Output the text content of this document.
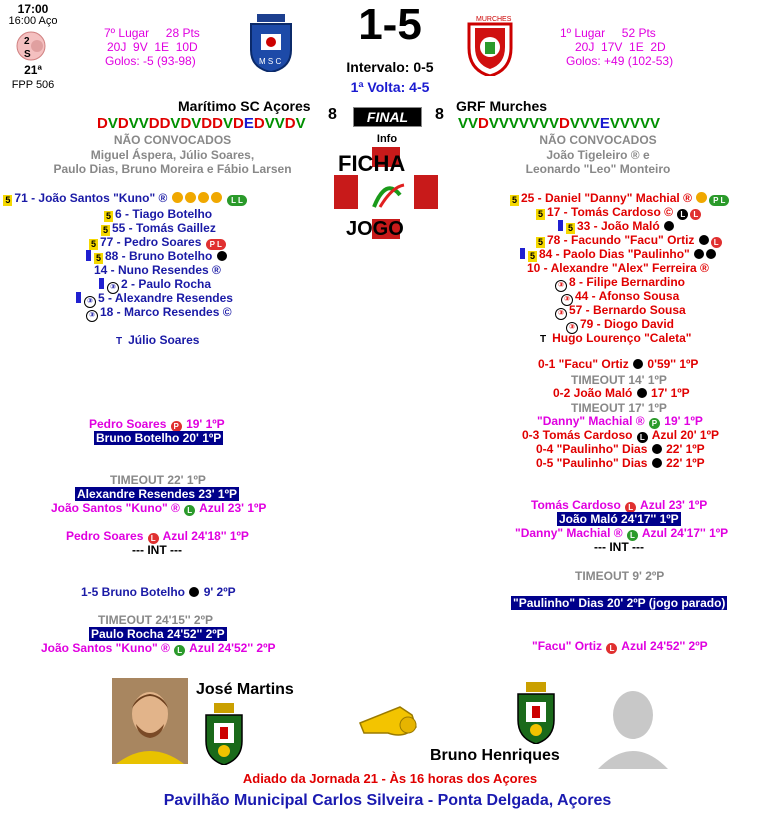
17:00
16:00 Aço
2
S
21ª
FPP 506
7º Lugar 28 Pts
20J  9V  1E  10D
Golos: -5 (93-98)	M S C
1-5
Intervalo: 0-5
1ª Volta: 4-5
MURCHES
1º Lugar 52 Pts
20J  17V  1E  2D
Golos: +49 (102-53)
Marítimo SC Açores	GRF Murches
DVDVVDDVDVDDVDEDVVDV
8	FINAL	8
VVDVVVVVVVDVVVEVVVVV
NÃO CONVOCADOS
Miguel Áspera, Júlio Soares,
Paulo Dias, Bruno Moreira e Fábio Larsen
NÃO CONVOCADOS
João Tigeleiro ® e
Leonardo "Leo" Monteiro
Info
FICHA
JOGO
5 71 - João Santos "Kuno" ®	L L
5 6 - Tiago Botelho
5 55 - Tomás Gaillez
5 77 - Pedro Soares P L
5 88 - Bruno Botelho
14 - Nuno Resendes ®
③ 2 - Paulo Rocha
③ 5 - Alexandre Resendes
③ 18 - Marco Resendes ©
T Júlio Soares
5 25 - Daniel "Danny" Machial ®	P L
5 17 - Tomás Cardoso © L L
5 33 - João Maló
5 78 - Facundo "Facu" Ortiz L
5 84 - Paolo Dias "Paulinho"
10 - Alexandre "Alex" Ferreira ®
③ 8 - Filipe Bernardino
③ 44 - Afonso Sousa
③ 57 - Bernardo Sousa
③ 79 - Diogo David
T Hugo Lourenço "Caleta"
Pedro Soares P 19' 1ºP
Bruno Botelho 20' 1ºP
TIMEOUT 22' 1ºP
Alexandre Resendes 23' 1ºP
João Santos "Kuno" ® L Azul 23' 1ºP
Pedro Soares L Azul 24'18'' 1ºP
--- INT ---
1-5 Bruno Botelho 9' 2ºP
TIMEOUT 24'15'' 2ºP
Paulo Rocha 24'52'' 2ºP
João Santos "Kuno" ® L Azul 24'52'' 2ºP
0-1 "Facu" Ortiz 0'59'' 1ºP
TIMEOUT 14' 1ºP
0-2 João Maló 17' 1ºP
TIMEOUT 17' 1ºP
"Danny" Machial ® P 19' 1ºP
0-3 Tomás Cardoso L Azul 20' 1ºP
0-4 "Paulinho" Dias 22' 1ºP
0-5 "Paulinho" Dias 22' 1ºP
Tomás Cardoso L Azul 23' 1ºP
João Maló 24'17'' 1ºP
"Danny" Machial ® L Azul 24'17'' 1ºP
--- INT ---
TIMEOUT 9' 2ºP
"Paulinho" Dias 20' 2ºP (jogo parado)
"Facu" Ortiz L Azul 24'52'' 2ºP
José Martins
Bruno Henriques
Adiado da Jornada 21 - Às 16 horas dos Açores
Pavilhão Municipal Carlos Silveira - Ponta Delgada, Açores
